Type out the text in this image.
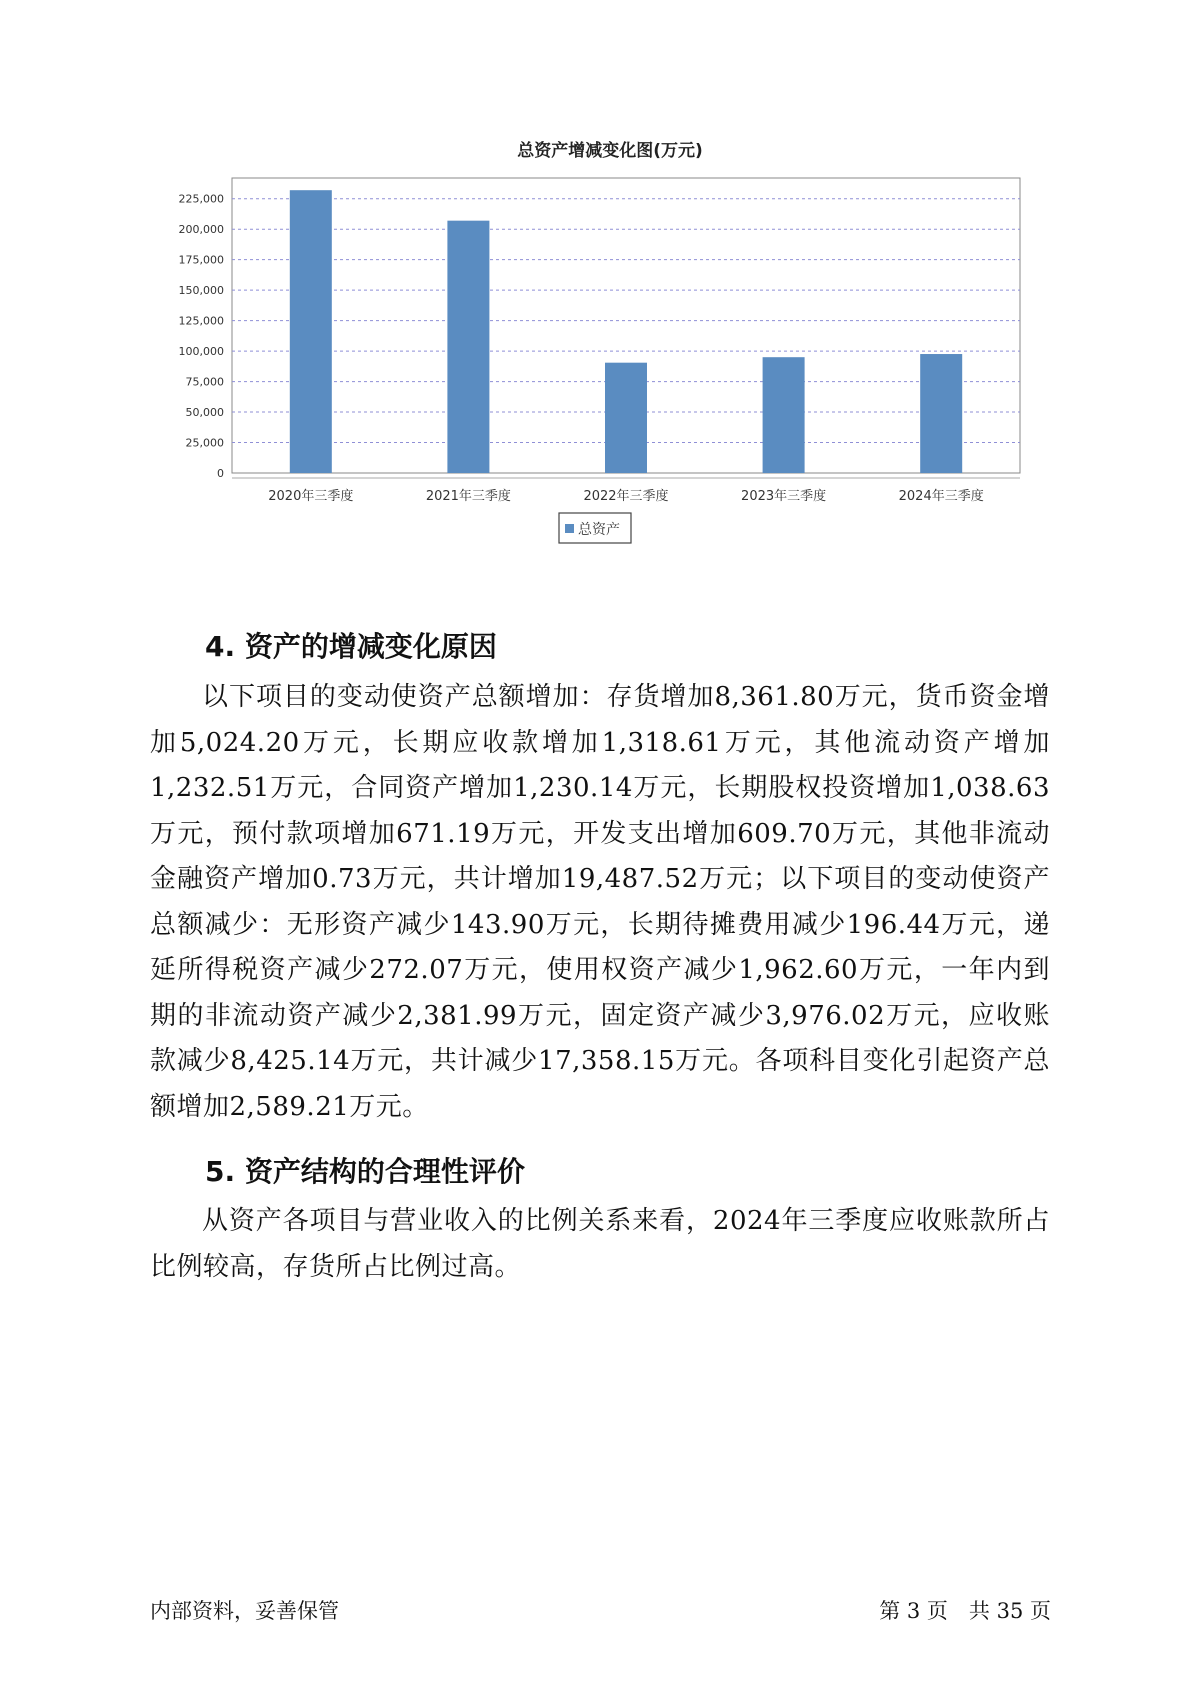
总资产增减变化图(万元)
0
25,000
50,000
75,000
100,000
125,000
150,000
175,000
200,000
225,000
2020年三季度	2021年三季度	2022年三季度	2023年三季度	2024年三季度
总资产
4. 资产的增减变化原因

以下项目的变动使资产总额增加：存货增加8,361.80万元，货币资金增加5,024.20万元，长期应收款增加1,318.61万元，其他流动资产增加1,232.51万元，合同资产增加1,230.14万元，长期股权投资增加1,038.63万元，预付款项增加671.19万元，开发支出增加609.70万元，其他非流动金融资产增加0.73万元，共计增加19,487.52万元；以下项目的变动使资产总额减少：无形资产减少143.90万元，长期待摊费用减少196.44万元，递延所得税资产减少272.07万元，使用权资产减少1,962.60万元，一年内到期的非流动资产减少2,381.99万元，固定资产减少3,976.02万元，应收账款减少8,425.14万元，共计减少17,358.15万元。各项科目变化引起资产总额增加2,589.21万元。

5. 资产结构的合理性评价

从资产各项目与营业收入的比例关系来看，2024年三季度应收账款所占比例较高，存货所占比例过高。

内部资料，妥善保管	第 3 页　共 35 页
